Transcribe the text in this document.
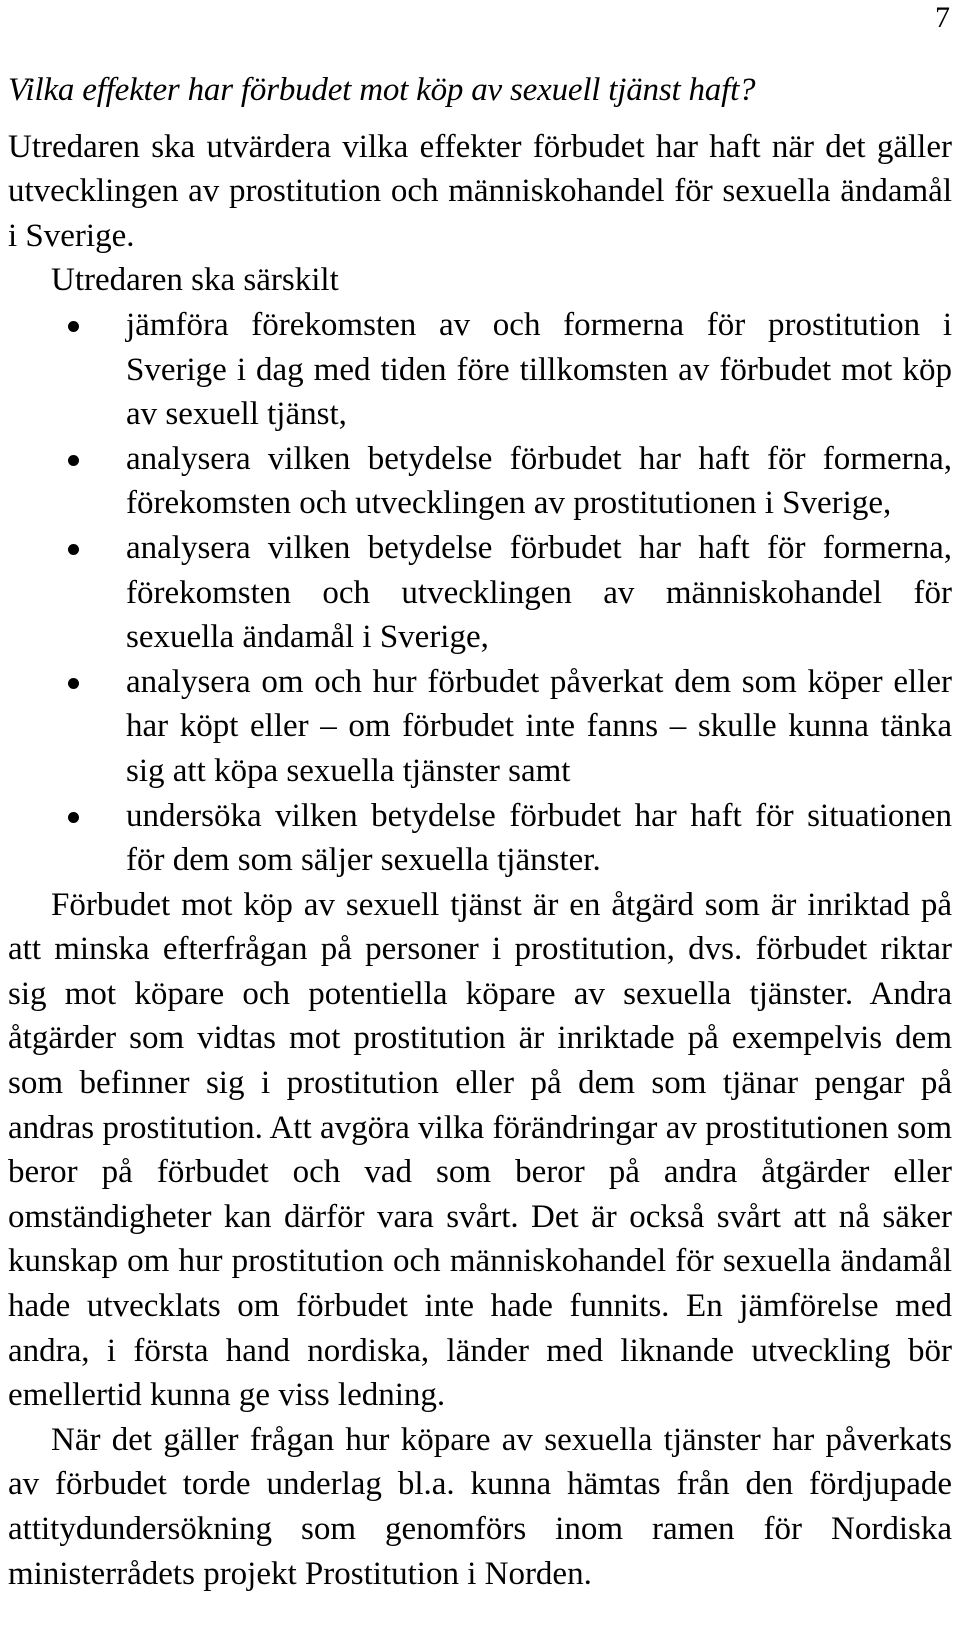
7

Vilka effekter har förbudet mot köp av sexuell tjänst haft?

Utredaren ska utvärdera vilka effekter förbudet har haft när det gäller utvecklingen av prostitution och människohandel för sexuella ändamål i Sverige.

Utredaren ska särskilt

jämföra förekomsten av och formerna för prostitution i Sverige i dag med tiden före tillkomsten av förbudet mot köp av sexuell tjänst,
analysera vilken betydelse förbudet har haft för formerna, förekomsten och utvecklingen av prostitutionen i Sverige,
analysera vilken betydelse förbudet har haft för formerna, förekomsten och utvecklingen av människohandel för sexuella ändamål i Sverige,
analysera om och hur förbudet påverkat dem som köper eller har köpt eller – om förbudet inte fanns – skulle kunna tänka sig att köpa sexuella tjänster samt
undersöka vilken betydelse förbudet har haft för situationen för dem som säljer sexuella tjänster.

Förbudet mot köp av sexuell tjänst är en åtgärd som är inriktad på att minska efterfrågan på personer i prostitution, dvs. förbudet riktar sig mot köpare och potentiella köpare av sexuella tjänster. Andra åtgärder som vidtas mot prostitution är inriktade på exempelvis dem som befinner sig i prostitution eller på dem som tjänar pengar på andras prostitution. Att avgöra vilka förändringar av prostitutionen som beror på förbudet och vad som beror på andra åtgärder eller omständigheter kan därför vara svårt. Det är också svårt att nå säker kunskap om hur prostitution och människohandel för sexuella ändamål hade utvecklats om förbudet inte hade funnits. En jämförelse med andra, i första hand nordiska, länder med liknande utveckling bör emellertid kunna ge viss ledning.

När det gäller frågan hur köpare av sexuella tjänster har påverkats av förbudet torde underlag bl.a. kunna hämtas från den fördjupade attitydundersökning som genomförs inom ramen för Nordiska ministerrådets projekt Prostitution i Norden.
